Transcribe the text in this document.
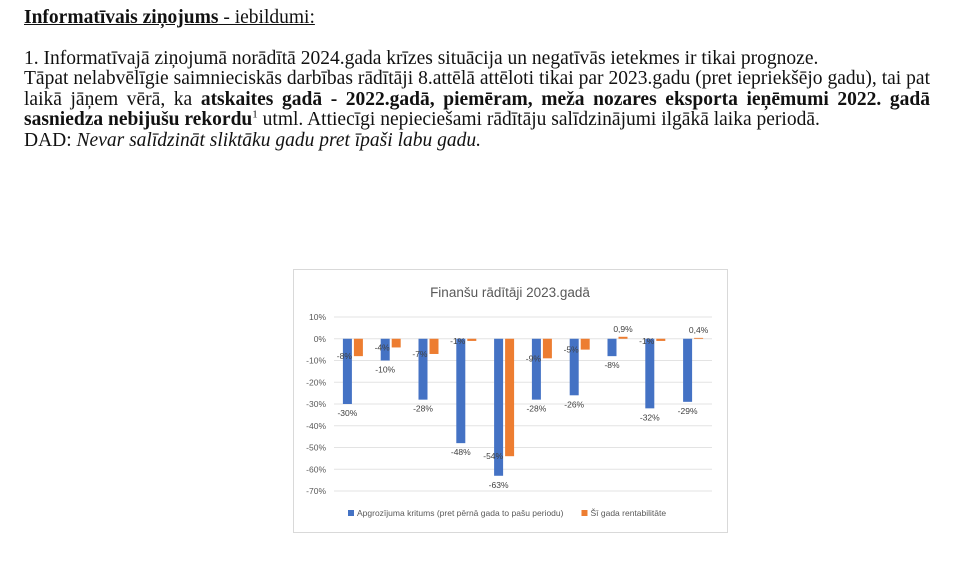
Informatīvais ziņojums - iebildumi:

1. Informatīvajā ziņojumā norādītā 2024.gada krīzes situācija un negatīvās ietekmes ir tikai prognoze.

Tāpat nelabvēlīgie saimnieciskās darbības rādītāji 8.attēlā attēloti tikai par 2023.gadu (pret iepriekšējo gadu), tai pat laikā jāņem vērā, ka atskaites gadā - 2022.gadā, piemēram, meža nozares eksporta ieņēmumi 2022. gadā sasniedza nebijušu rekordu$^1$ utml. Attiecīgi nepieciešami rādītāju salīdzinājumi ilgākā laika periodā.

DAD: Nevar salīdzināt sliktāku gadu pret īpaši labu gadu.

Finanšu rādītāji 2023.gadā
10%
0%
-10%
-20%
-30%
-40%
-50%
-60%
-70%
-30%
-10%
-28%
-48%
-63%
-28% -26%
-8%
-32%
-29%
-8%
-4%
-7%
-1%
-54%
-9%
-5%
0,9%
-1%
0,4%
Apgrozījuma kritums (pret pērnā gada to pašu periodu)	Šī gada rentabilitāte
